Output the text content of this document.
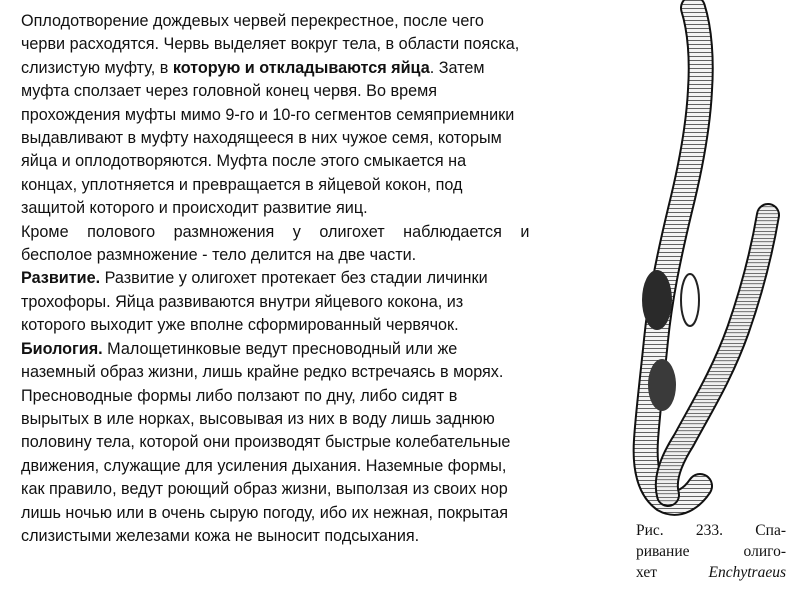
Оплодотворение дождевых червей перекрестное, после чего
черви расходятся. Червь выделяет вокруг тела, в области пояска,
слизистую муфту, в которую и откладываются яйца. Затем
муфта сползает через головной конец червя. Во время
прохождения муфты мимо 9-го и 10-го сегментов семяприемники
выдавливают в муфту находящееся в них чужое семя, которым
яйца и оплодотворяются. Муфта после этого смыкается на
концах, уплотняется и превращается в яйцевой кокон, под
защитой которого и происходит развитие яиц.
Кроме полового размножения у олигохет наблюдается и
бесполое размножение - тело делится на две части.
Развитие. Развитие у олигохет протекает без стадии личинки
трохофоры. Яйца развиваются внутри яйцевого кокона, из
которого выходит уже вполне сформированный червячок.
Биология. Малощетинковые ведут пресноводный или же
наземный образ жизни, лишь крайне редко встречаясь в морях.
Пресноводные формы либо ползают по дну, либо сидят в
вырытых в иле норках, высовывая из них в воду лишь заднюю
половину тела, которой они производят быстрые колебательные
движения, служащие для усиления дыхания. Наземные формы,
как правило, ведут роющий образ жизни, выползая из своих нор
лишь ночью или в очень сырую погоду, ибо их нежная, покрытая
слизистыми железами кожа не выносит подсыхания.	Рис. 233. Спа-
ривание олиго-
хет Enchytraeus
